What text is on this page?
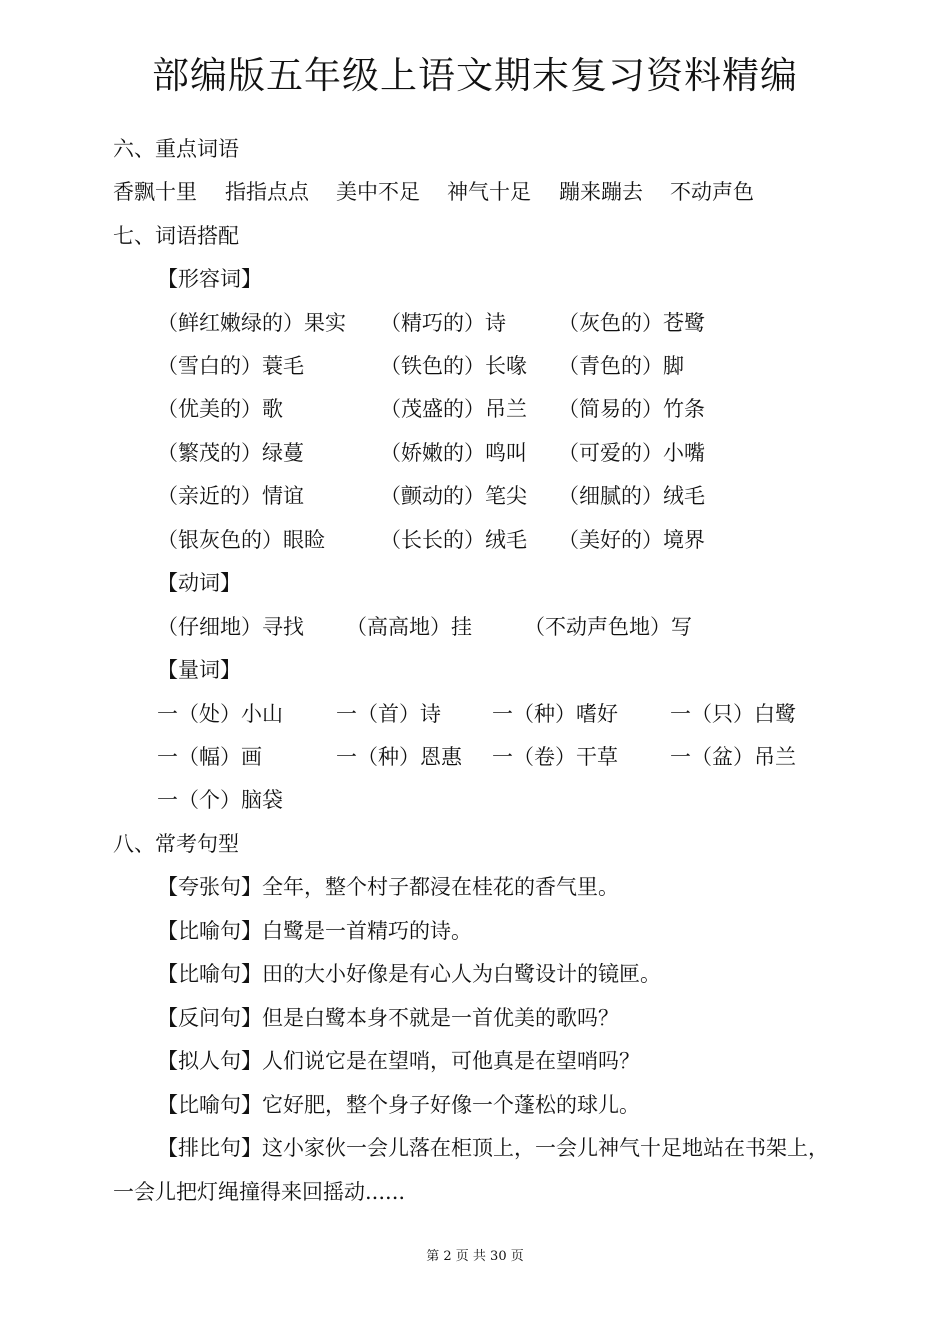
部编版五年级上语文期末复习资料精编
六、重点词语
香飘十里 指指点点 美中不足 神气十足 蹦来蹦去 不动声色
七、词语搭配
【形容词】
（鲜红嫩绿的）果实 （精巧的）诗 （灰色的）苍鹭
（雪白的）蓑毛	（铁色的）长喙 （青色的）脚
（优美的）歌	（茂盛的）吊兰 （简易的）竹条
（繁茂的）绿蔓	（娇嫩的）鸣叫 （可爱的）小嘴
（亲近的）情谊	（颤动的）笔尖 （细腻的）绒毛
（银灰色的）眼睑	（长长的）绒毛 （美好的）境界
【动词】
（仔细地）寻找 （高高地）挂 （不动声色地）写
【量词】
一（处）小山	一（首）诗 一（种）嗜好 一（只）白鹭
一（幅）画	一（种）恩惠 一（卷）干草 一（盆）吊兰
一（个）脑袋
八、常考句型
【夸张句】全年，整个村子都浸在桂花的香气里。
【比喻句】白鹭是一首精巧的诗。
【比喻句】田的大小好像是有心人为白鹭设计的镜匣。
【反问句】但是白鹭本身不就是一首优美的歌吗？
【拟人句】人们说它是在望哨，可他真是在望哨吗？
【比喻句】它好肥，整个身子好像一个蓬松的球儿。
【排比句】这小家伙一会儿落在柜顶上，一会儿神气十足地站在书架上，
一会儿把灯绳撞得来回摇动......
第 2 页 共 30 页
